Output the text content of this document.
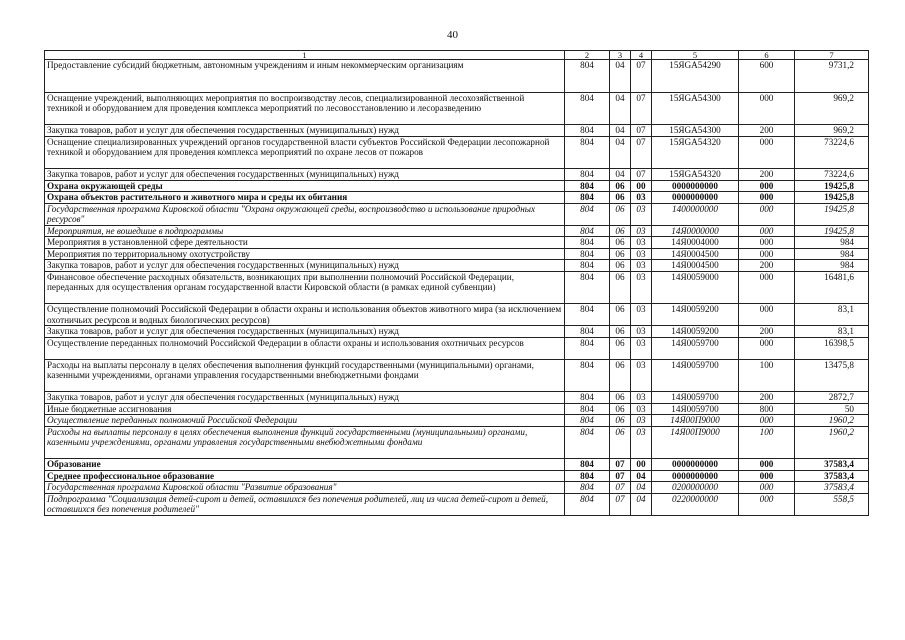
40
1	2	3	4	5	6	7
Предоставление субсидий бюджетным, автономным учреждениям и иным некоммерческим организациям	804	04	07	15ЯGA54290	600	9731,2
Оснащение учреждений, выполняющих мероприятия по воспроизводству лесов, специализированной лесохозяйственной техникой и оборудованием для проведения комплекса мероприятий по лесовосстановлению и лесоразведению	804	04	07	15ЯGA54300	000	969,2
Закупка товаров, работ и услуг для обеспечения государственных (муниципальных) нужд	804	04	07	15ЯGA54300	200	969,2
Оснащение специализированных учреждений органов государственной власти субъектов Российской Федерации лесопожарной техникой и оборудованием для проведения комплекса мероприятий по охране лесов от пожаров	804	04	07	15ЯGA54320	000	73224,6
Закупка товаров, работ и услуг для обеспечения государственных (муниципальных) нужд	804	04	07	15ЯGA54320	200	73224,6
Охрана окружающей среды	804	06	00	0000000000	000	19425,8
Охрана объектов растительного и животного мира и среды их обитания	804	06	03	0000000000	000	19425,8
Государственная программа Кировской области "Охрана окружающей среды, воспроизводство и использование природных ресурсов"	804	06	03	1400000000	000	19425,8
Мероприятия, не вошедшие в подпрограммы	804	06	03	14Я0000000	000	19425,8
Мероприятия в установленной сфере деятельности	804	06	03	14Я0004000	000	984
Мероприятия по территориальному охотустройству	804	06	03	14Я0004500	000	984
Закупка товаров, работ и услуг для обеспечения государственных (муниципальных) нужд	804	06	03	14Я0004500	200	984
Финансовое обеспечение расходных обязательств, возникающих при выполнении полномочий Российской Федерации, переданных для осуществления органам государственной власти Кировской области (в рамках единой субвенции)	804	06	03	14Я0059000	000	16481,6
Осуществление полномочий Российской Федерации в области охраны и использования объектов животного мира (за исключением охотничьих ресурсов и водных биологических ресурсов)	804	06	03	14Я0059200	000	83,1
Закупка товаров, работ и услуг для обеспечения государственных (муниципальных) нужд	804	06	03	14Я0059200	200	83,1
Осуществление переданных полномочий Российской Федерации в области охраны и использования охотничьих ресурсов	804	06	03	14Я0059700	000	16398,5
Расходы на выплаты персоналу в целях обеспечения выполнения функций государственными (муниципальными) органами, казенными учреждениями, органами управления государственными внебюджетными фондами	804	06	03	14Я0059700	100	13475,8
Закупка товаров, работ и услуг для обеспечения государственных (муниципальных) нужд	804	06	03	14Я0059700	200	2872,7
Иные бюджетные ассигнования	804	06	03	14Я0059700	800	50
Осуществление переданных полномочий Российской Федерации	804	06	03	14Я00П9000	000	1960,2
Расходы на выплаты персоналу в целях обеспечения выполнения функций государственными (муниципальными) органами, казенными учреждениями, органами управления государственными внебюджетными фондами	804	06	03	14Я00П9000	100	1960,2
Образование	804	07	00	0000000000	000	37583,4
Среднее профессиональное образование	804	07	04	0000000000	000	37583,4
Государственная программа Кировской области "Развитие образования"	804	07	04	0200000000	000	37583,4
Подпрограмма "Социализация детей-сирот и детей, оставшихся без попечения родителей, лиц из числа детей-сирот и детей, оставшихся без попечения родителей"	804	07	04	0220000000	000	558,5
